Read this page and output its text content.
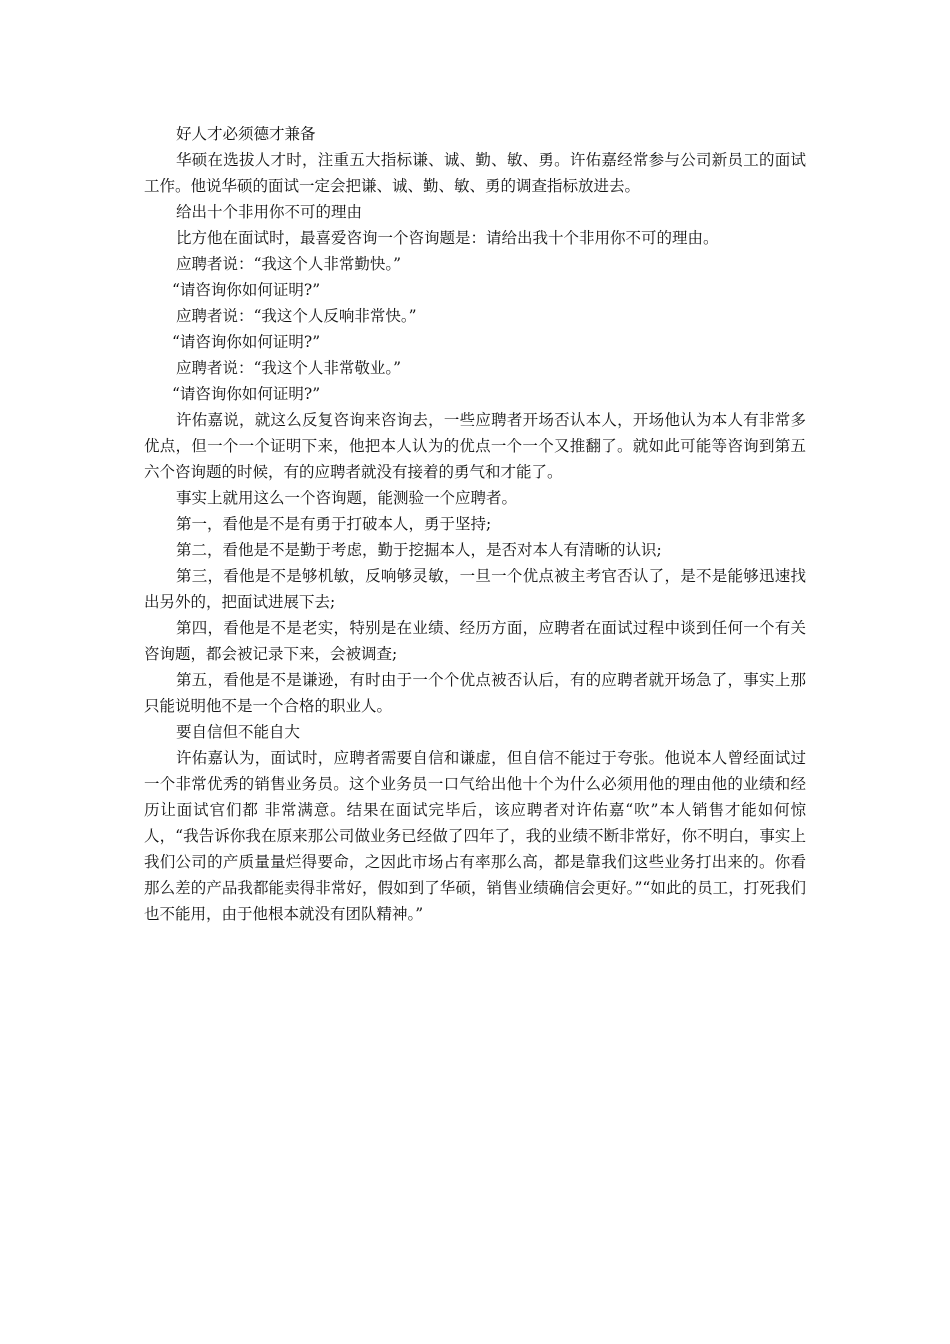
好人才必须德才兼备

华硕在选拔人才时，注重五大指标谦、诚、勤、敏、勇。许佑嘉经常参与公司新员工的面试工作。他说华硕的面试一定会把谦、诚、勤、敏、勇的调查指标放进去。

给出十个非用你不可的理由

比方他在面试时，最喜爱咨询一个咨询题是：请给出我十个非用你不可的理由。

应聘者说：“我这个人非常勤快。”

“请咨询你如何证明?”

应聘者说：“我这个人反响非常快。”

“请咨询你如何证明?”

应聘者说：“我这个人非常敬业。”

“请咨询你如何证明?”

许佑嘉说，就这么反复咨询来咨询去，一些应聘者开场否认本人，开场他认为本人有非常多优点，但一个一个证明下来，他把本人认为的优点一个一个又推翻了。就如此可能等咨询到第五六个咨询题的时候，有的应聘者就没有接着的勇气和才能了。

事实上就用这么一个咨询题，能测验一个应聘者。

第一，看他是不是有勇于打破本人，勇于坚持;

第二，看他是不是勤于考虑，勤于挖掘本人，是否对本人有清晰的认识;

第三，看他是不是够机敏，反响够灵敏，一旦一个优点被主考官否认了，是不是能够迅速找出另外的，把面试进展下去;

第四，看他是不是老实，特别是在业绩、经历方面，应聘者在面试过程中谈到任何一个有关咨询题，都会被记录下来，会被调查;

第五，看他是不是谦逊，有时由于一个个优点被否认后，有的应聘者就开场急了，事实上那只能说明他不是一个合格的职业人。

要自信但不能自大

许佑嘉认为，面试时，应聘者需要自信和谦虚，但自信不能过于夸张。他说本人曾经面试过一个非常优秀的销售业务员。这个业务员一口气给出他十个为什么必须用他的理由他的业绩和经历让面试官们都 非常满意。结果在面试完毕后，该应聘者对许佑嘉“吹”本人销售才能如何惊人，“我告诉你我在原来那公司做业务已经做了四年了，我的业绩不断非常好，你不明白，事实上我们公司的产质量量烂得要命，之因此市场占有率那么高，都是靠我们这些业务打出来的。你看那么差的产品我都能卖得非常好，假如到了华硕，销售业绩确信会更好。”“如此的员工，打死我们也不能用，由于他根本就没有团队精神。”
